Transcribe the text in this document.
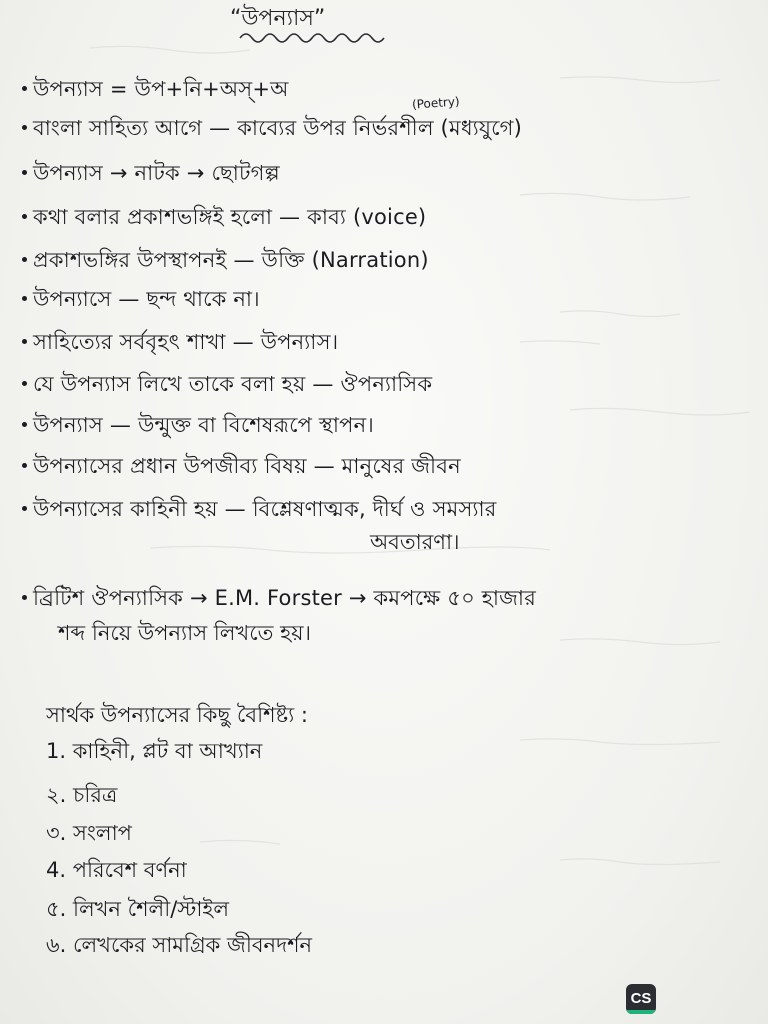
“উপন্যাস”
(Poetry)
উপন্যাস = উপ+নি+অস্+অ
বাংলা সাহিত্য আগে — কাব্যের উপর নির্ভরশীল (মধ্যযুগে)
উপন্যাস → নাটক → ছোটগল্প
কথা বলার প্রকাশভঙ্গিই হলো — কাব্য (voice)
প্রকাশভঙ্গির উপস্থাপনই — উক্তি (Narration)
উপন্যাসে — ছন্দ থাকে না।
সাহিত্যের সর্ববৃহৎ শাখা — উপন্যাস।
যে উপন্যাস লিখে তাকে বলা হয় — ঔপন্যাসিক
উপন্যাস — উন্মুক্ত বা বিশেষরূপে স্থাপন।
উপন্যাসের প্রধান উপজীব্য বিষয় — মানুষের জীবন
উপন্যাসের কাহিনী হয় — বিশ্লেষণাত্মক, দীর্ঘ ও সমস্যার
অবতারণা।
ব্রিটিশ ঔপন্যাসিক → E.M. Forster → কমপক্ষে ৫০ হাজার
শব্দ নিয়ে উপন্যাস লিখতে হয়।
সার্থক উপন্যাসের কিছু বৈশিষ্ট্য :
1. কাহিনী, প্লট বা আখ্যান
২. চরিত্র
৩. সংলাপ
4. পরিবেশ বর্ণনা
৫. লিখন শৈলী/স্টাইল
৬. লেখকের সামগ্রিক জীবনদর্শন
CS
